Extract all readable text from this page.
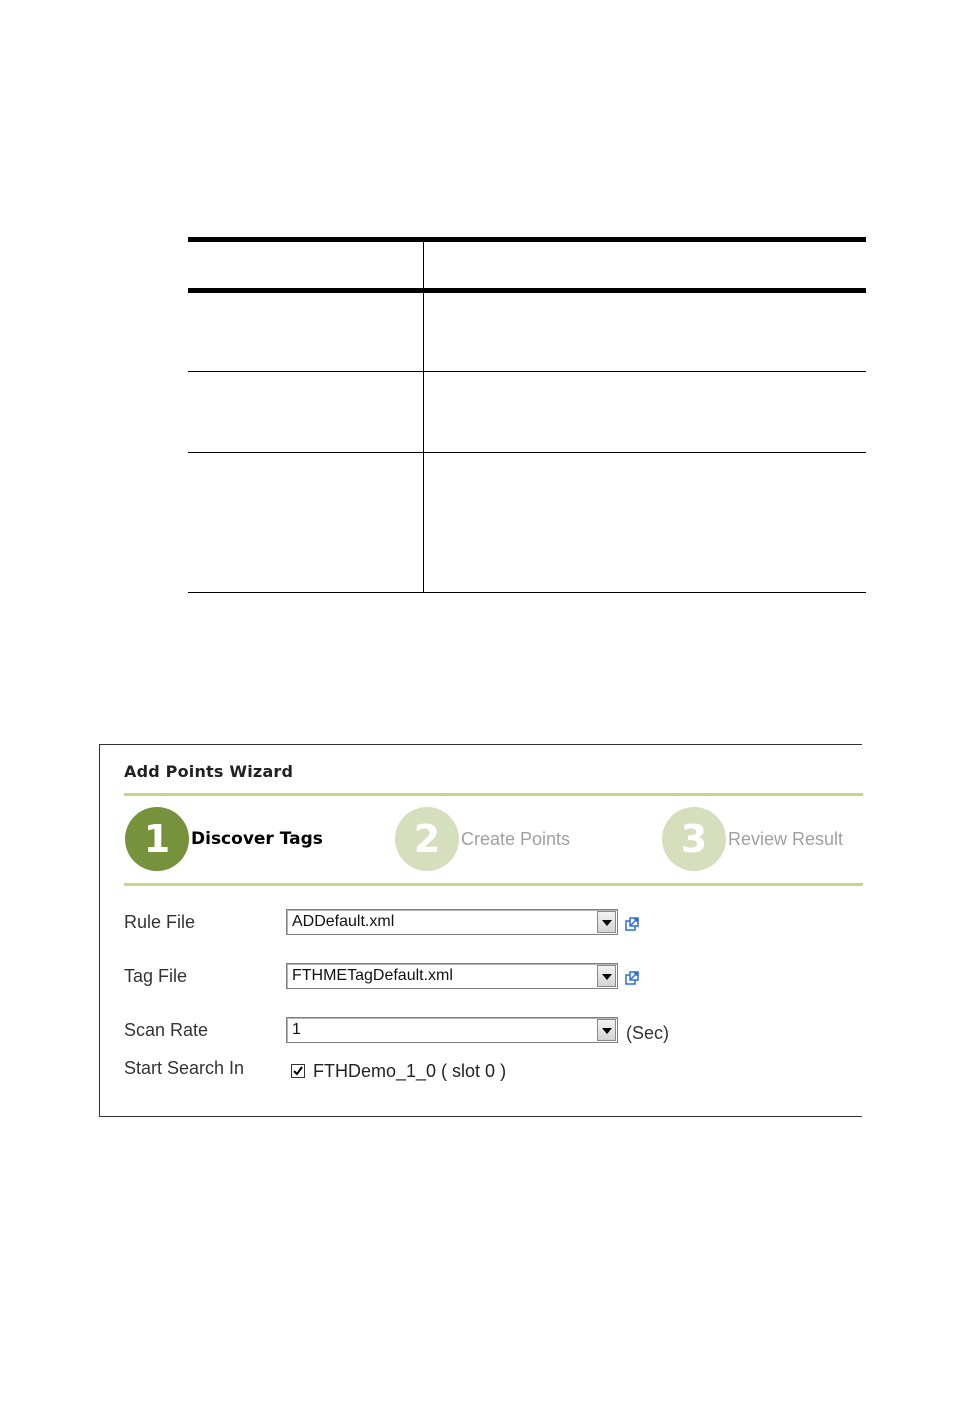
Add Points Wizard
1	Discover Tags	2	Create Points	3	Review Result
Rule File	ADDefault.xml
Tag File	FTHMETagDefault.xml
Scan Rate	1	(Sec)
Start Search In	FTHDemo_1_0 ( slot 0 )
